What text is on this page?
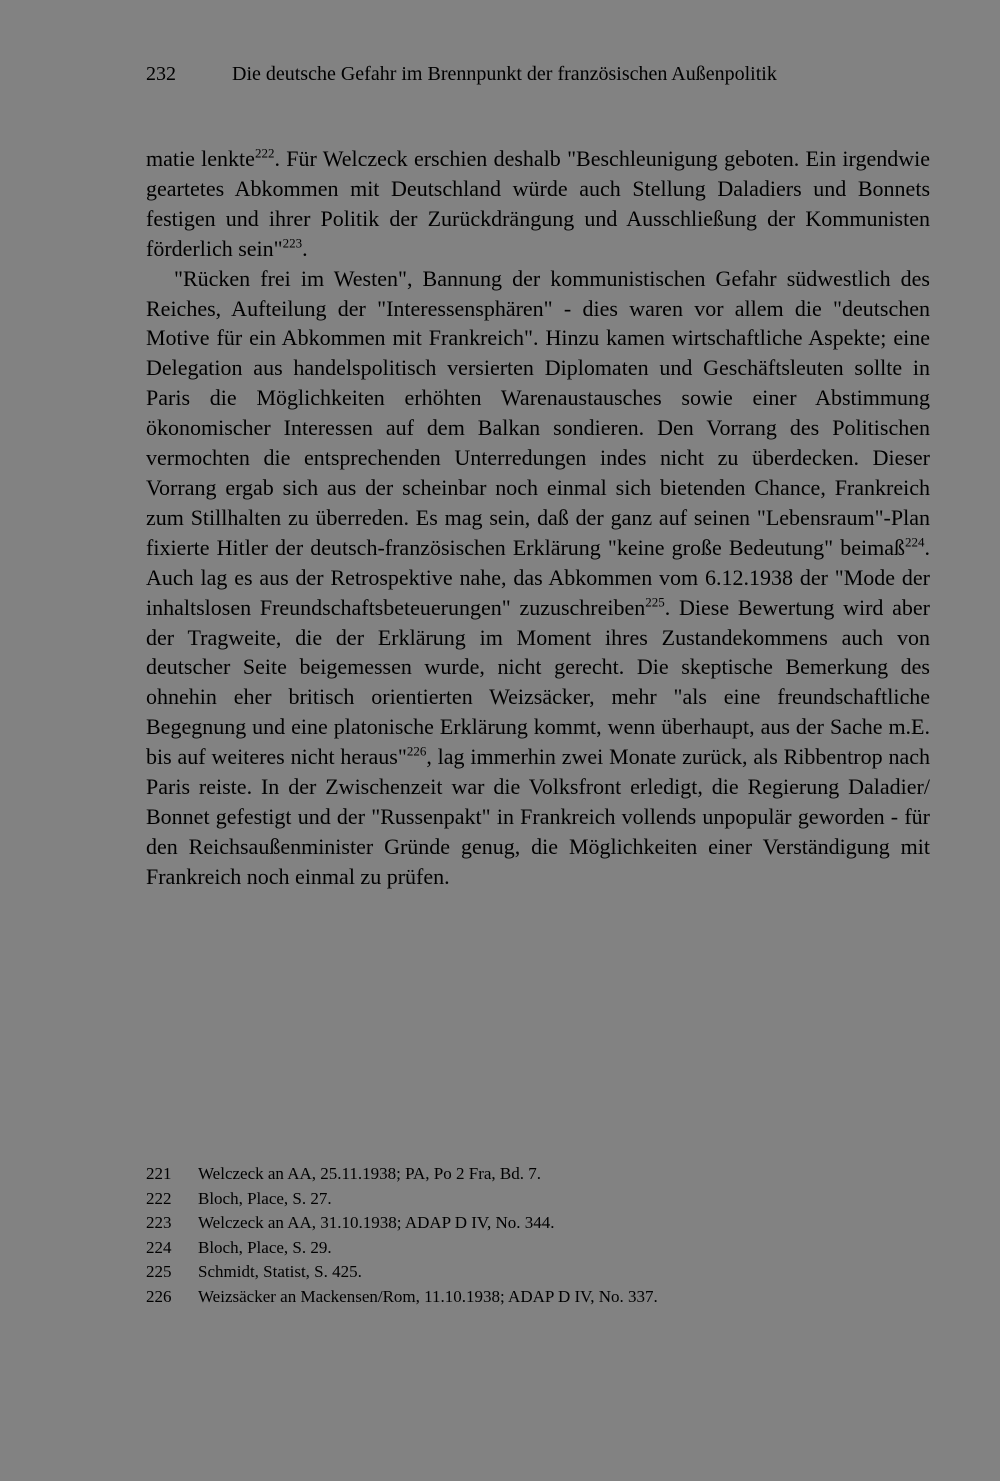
232	Die deutsche Gefahr im Brennpunkt der französischen Außenpolitik

matie lenkte$^{222}$. Für Welczeck erschien deshalb "Beschleunigung geboten. Ein irgendwie geartetes Abkommen mit Deutschland würde auch Stellung Daladiers und Bonnets festigen und ihrer Politik der Zurückdrängung und Ausschließung der Kommunisten förderlich sein"$^{223}$.

"Rücken frei im Westen", Bannung der kommunistischen Gefahr südwestlich des Reiches, Aufteilung der "Interessensphären" - dies waren vor allem die "deutschen Motive für ein Abkommen mit Frankreich". Hinzu kamen wirtschaftliche Aspekte; eine Delegation aus handelspolitisch versierten Diplomaten und Geschäftsleuten sollte in Paris die Möglichkeiten erhöhten Warenaustausches sowie einer Abstimmung ökonomischer Interessen auf dem Balkan sondieren. Den Vorrang des Politischen vermochten die entsprechenden Unterredungen indes nicht zu überdecken. Dieser Vorrang ergab sich aus der scheinbar noch einmal sich bietenden Chance, Frankreich zum Stillhalten zu überreden. Es mag sein, daß der ganz auf seinen "Lebensraum"-Plan fixierte Hitler der deutsch-französischen Erklärung "keine große Bedeutung" beimaß$^{224}$. Auch lag es aus der Retrospektive nahe, das Abkommen vom 6.12.1938 der "Mode der inhaltslosen Freundschaftsbeteuerungen" zuzuschreiben$^{225}$. Diese Bewertung wird aber der Tragweite, die der Erklärung im Moment ihres Zustandekommens auch von deutscher Seite beigemessen wurde, nicht gerecht. Die skeptische Bemerkung des ohnehin eher britisch orientierten Weizsäcker, mehr "als eine freundschaftliche Begegnung und eine platonische Erklärung kommt, wenn überhaupt, aus der Sache m.E. bis auf weiteres nicht heraus"$^{226}$, lag immerhin zwei Monate zurück, als Ribbentrop nach Paris reiste. In der Zwischenzeit war die Volksfront erledigt, die Regierung Daladier/ Bonnet gefestigt und der "Russenpakt" in Frankreich vollends unpopulär geworden - für den Reichsaußenminister Gründe genug, die Möglichkeiten einer Verständigung mit Frankreich noch einmal zu prüfen.

221	Welczeck an AA, 25.11.1938; PA, Po 2 Fra, Bd. 7.
222	Bloch, Place, S. 27.
223	Welczeck an AA, 31.10.1938; ADAP D IV, No. 344.
224	Bloch, Place, S. 29.
225	Schmidt, Statist, S. 425.
226	Weizsäcker an Mackensen/Rom, 11.10.1938; ADAP D IV, No. 337.
